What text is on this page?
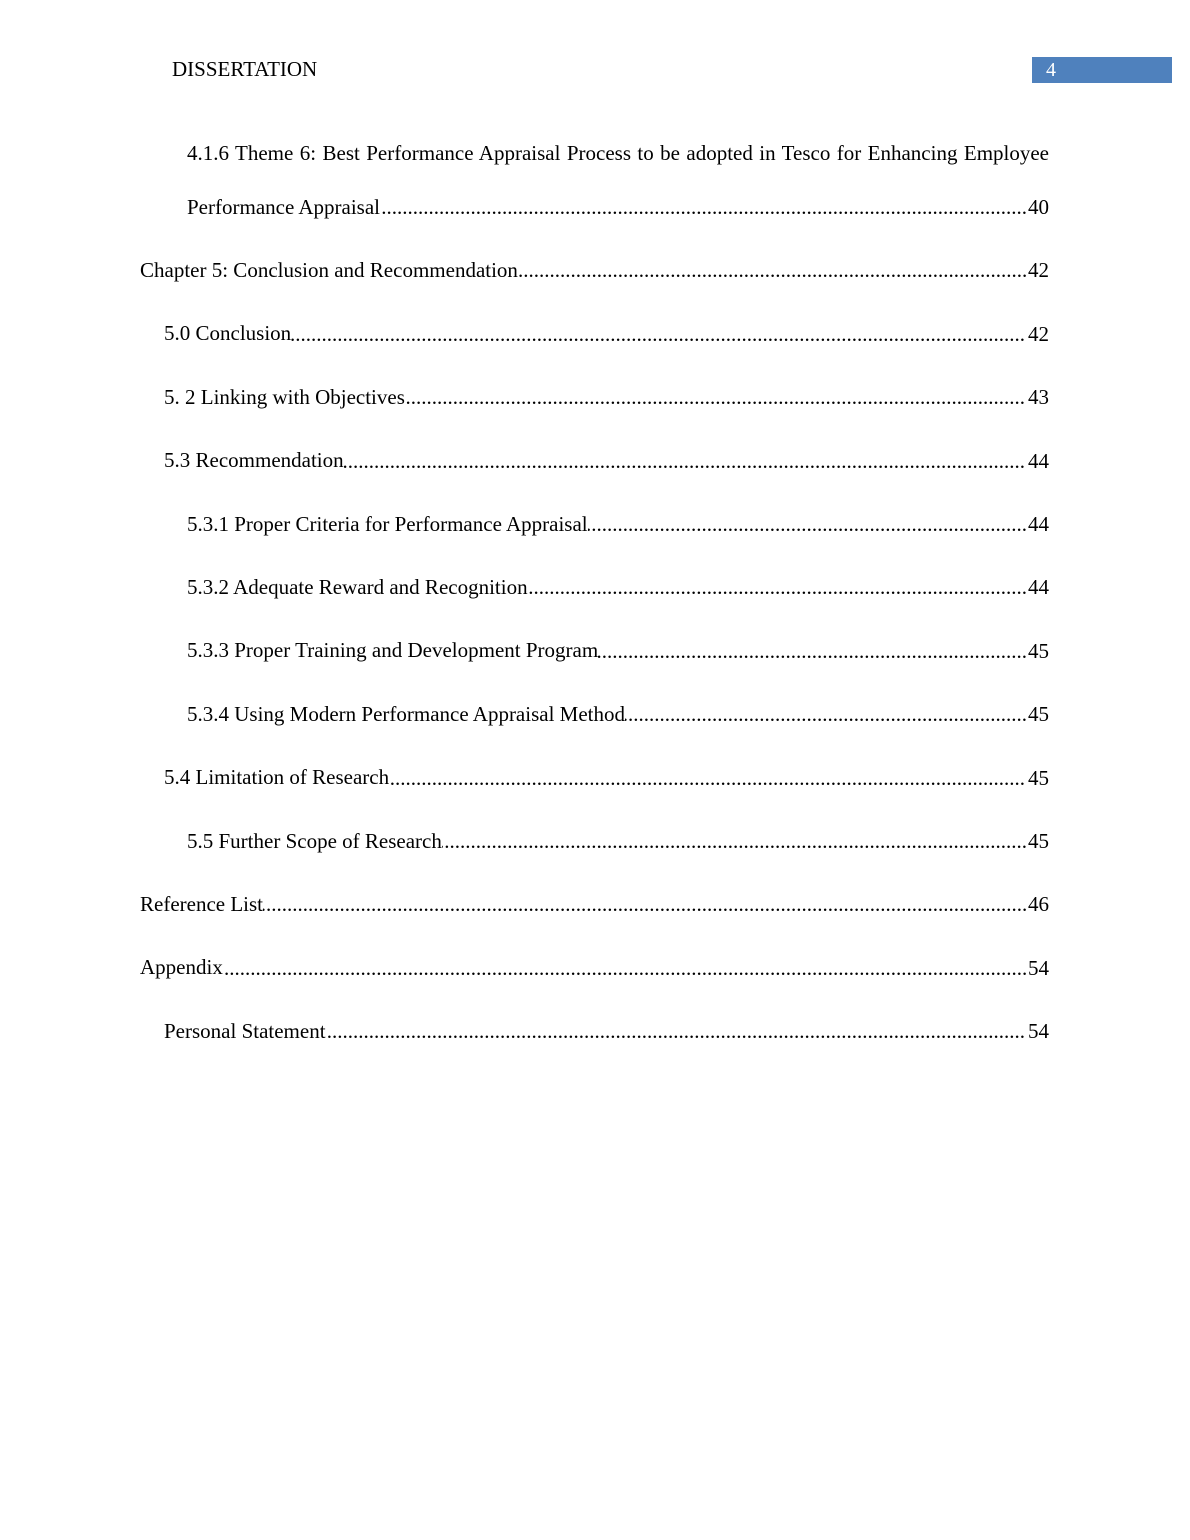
DISSERTATION	4
..... 4.1.6 Theme 6: Best Performance Appraisal Process to be adopted in Tesco for Enhancing Employee Performance Appraisal	40
..... Chapter 5: Conclusion and Recommendation	42
..... 5.0 Conclusion	42
..... 5. 2 Linking with Objectives	43
..... 5.3 Recommendation	44
..... 5.3.1 Proper Criteria for Performance Appraisal	44
..... 5.3.2 Adequate Reward and Recognition	44
..... 5.3.3 Proper Training and Development Program	45
..... 5.3.4 Using Modern Performance Appraisal Method	45
..... 5.4 Limitation of Research	45
..... 5.5 Further Scope of Research	45
..... Reference List	46
..... Appendix	54
..... Personal Statement	54
